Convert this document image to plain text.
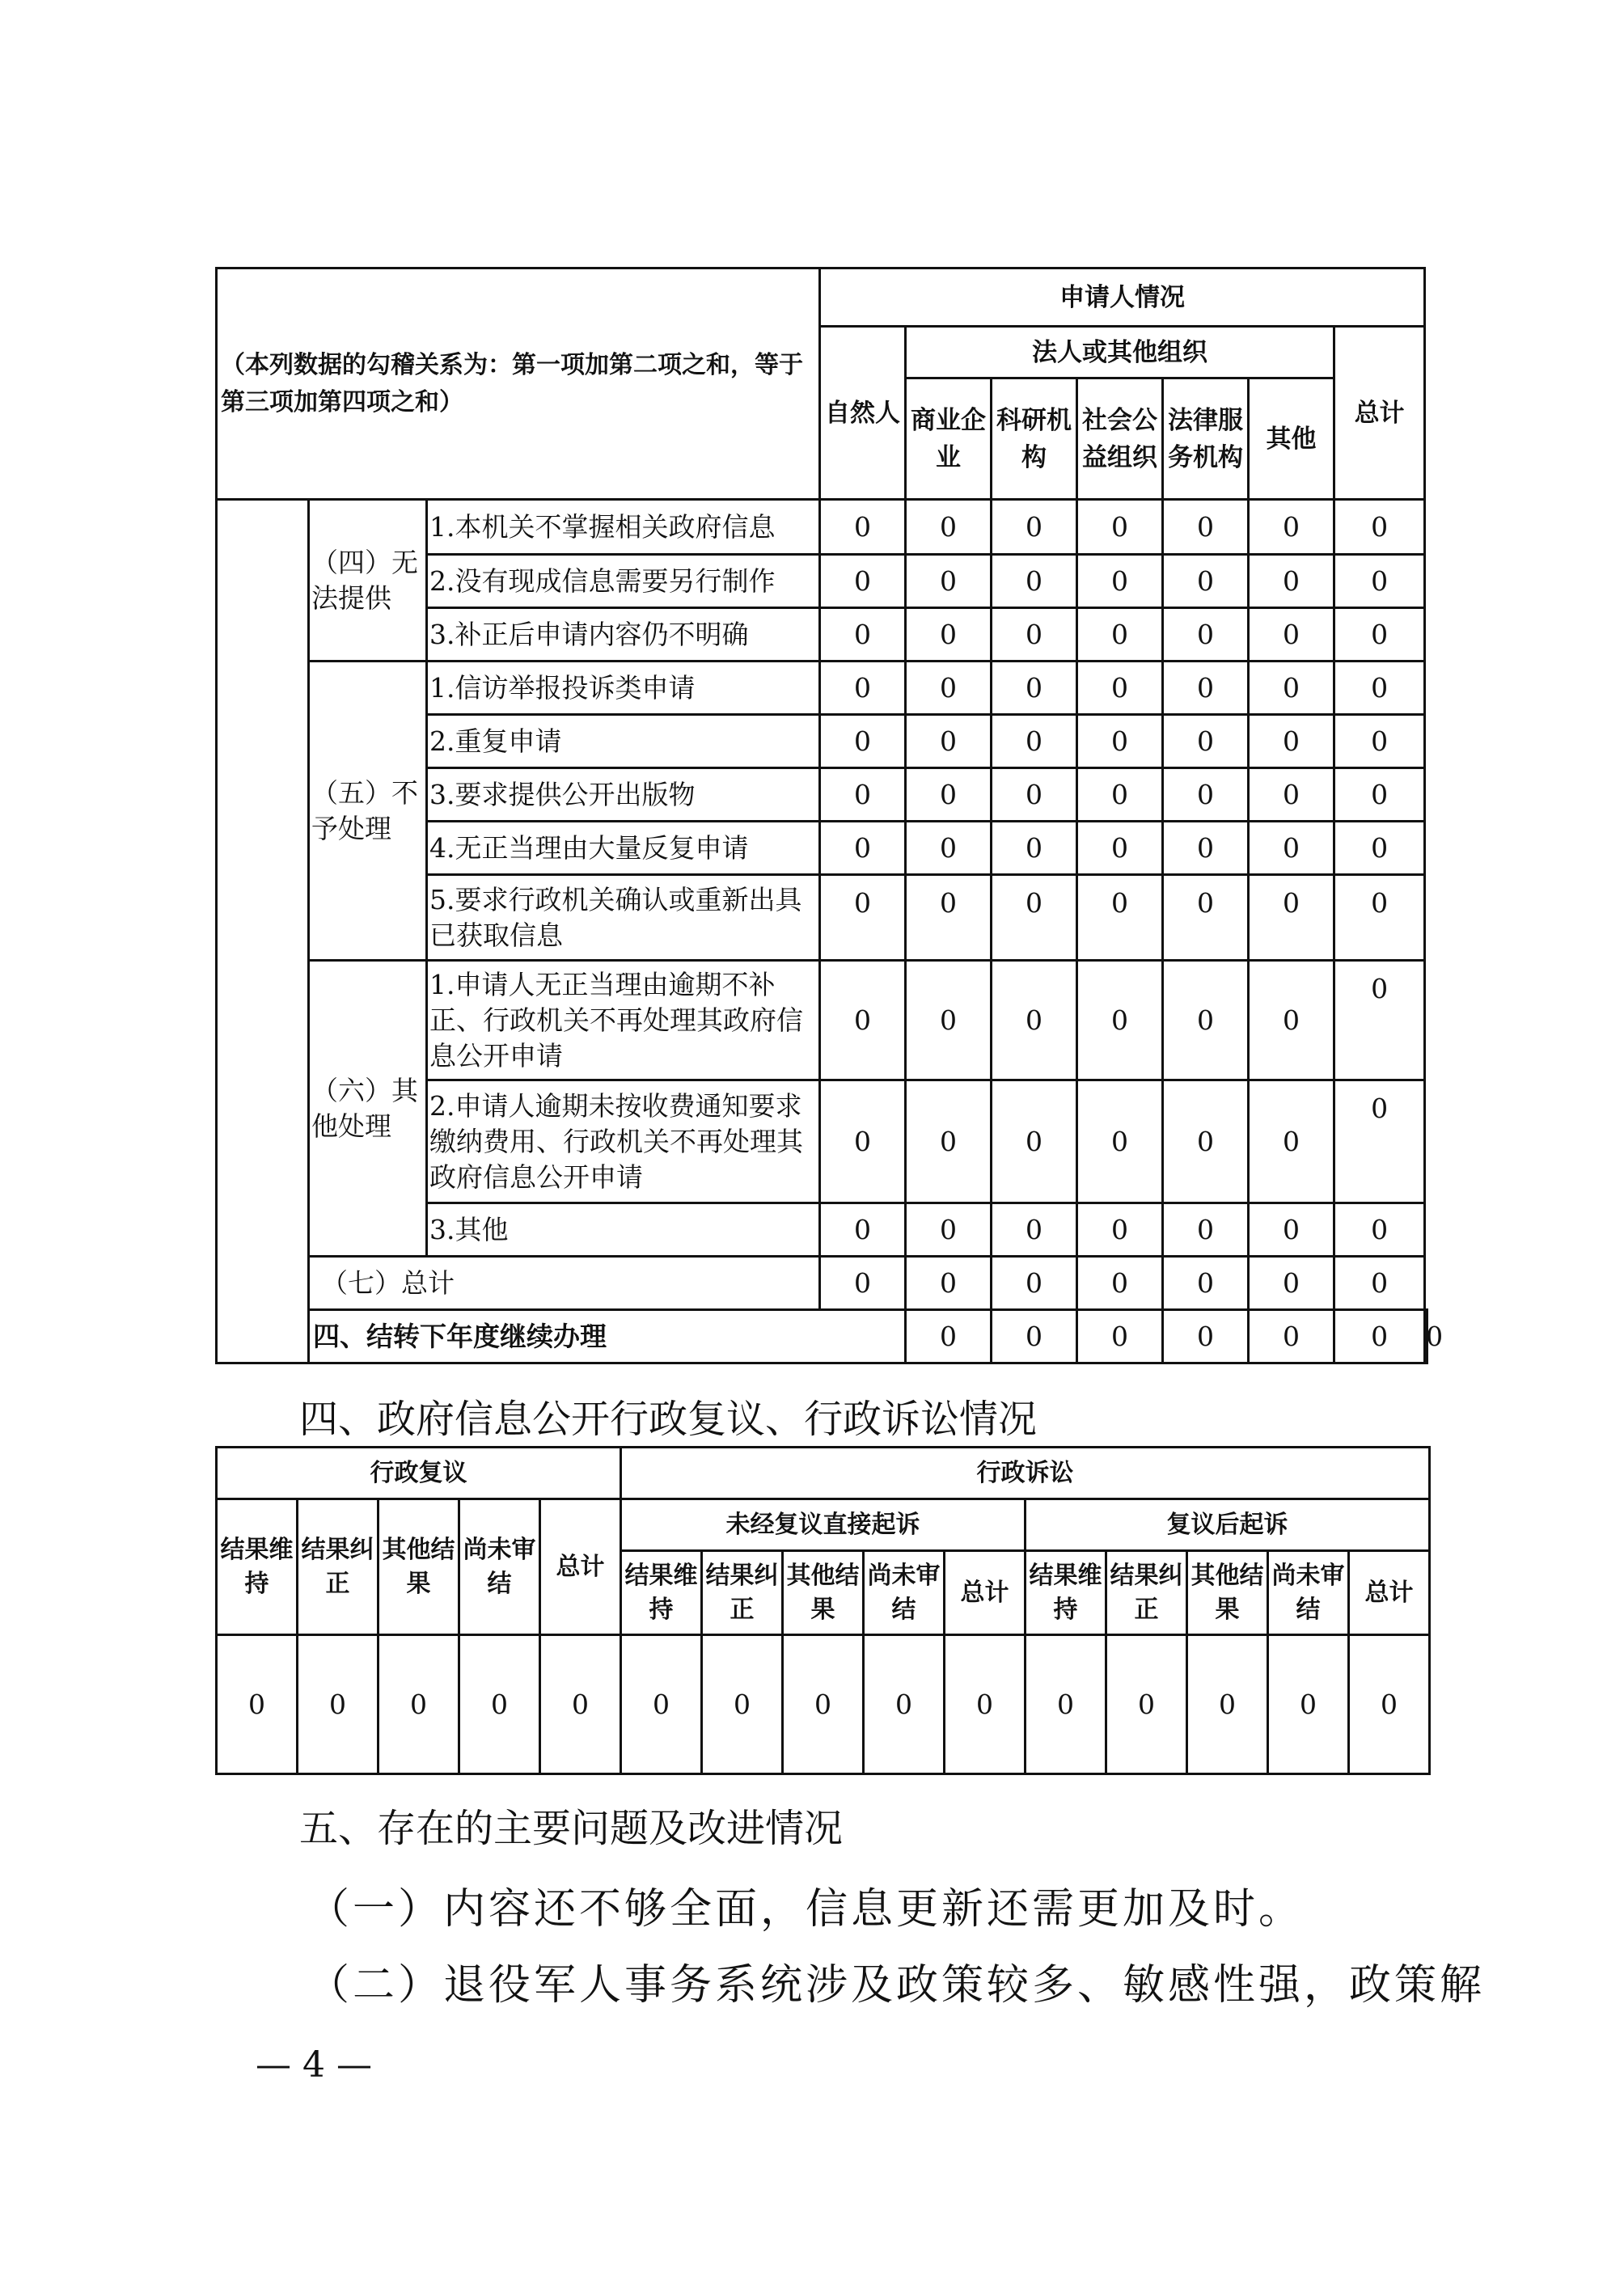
（本列数据的勾稽关系为：第一项加第二项之和，等于第三项加第四项之和）			申请人情况							
			自然人	法人或其他组织					总计	
				商业企业	科研机构	社会公益组织	法律服务机构	其他		
	（四）无法提供	1.本机关不掌握相关政府信息	0	0	0	0	0	0	0	
		2.没有现成信息需要另行制作	0	0	0	0	0	0	0	
		3.补正后申请内容仍不明确	0	0	0	0	0	0	0	
	（五）不予处理	1.信访举报投诉类申请	0	0	0	0	0	0	0	
		2.重复申请	0	0	0	0	0	0	0	
		3.要求提供公开出版物	0	0	0	0	0	0	0	
		4.无正当理由大量反复申请	0	0	0	0	0	0	0	
		5.要求行政机关确认或重新出具已获取信息	0	0	0	0	0	0	0	
	（六）其他处理	1.申请人无正当理由逾期不补正、行政机关不再处理其政府信息公开申请	0	0	0	0	0	0	0	
		2.申请人逾期未按收费通知要求缴纳费用、行政机关不再处理其政府信息公开申请	0	0	0	0	0	0	0	
		3.其他	0	0	0	0	0	0	0	
	（七）总计		0	0	0	0	0	0	0	
	四、结转下年度继续办理			0	0	0	0	0	0	0
四、政府信息公开行政复议、行政诉讼情况
行政复议					行政诉讼									
结果维持	结果纠正	其他结果	尚未审结	总计	未经复议直接起诉					复议后起诉				
					结果维持	结果纠正	其他结果	尚未审结	总计	结果维持	结果纠正	其他结果	尚未审结	总计
0	0	0	0	0	0	0	0	0	0	0	0	0	0	0
五、存在的主要问题及改进情况
（一）内容还不够全面，信息更新还需更加及时。
（二）退役军人事务系统涉及政策较多、敏感性强，政策解
— 4 —
